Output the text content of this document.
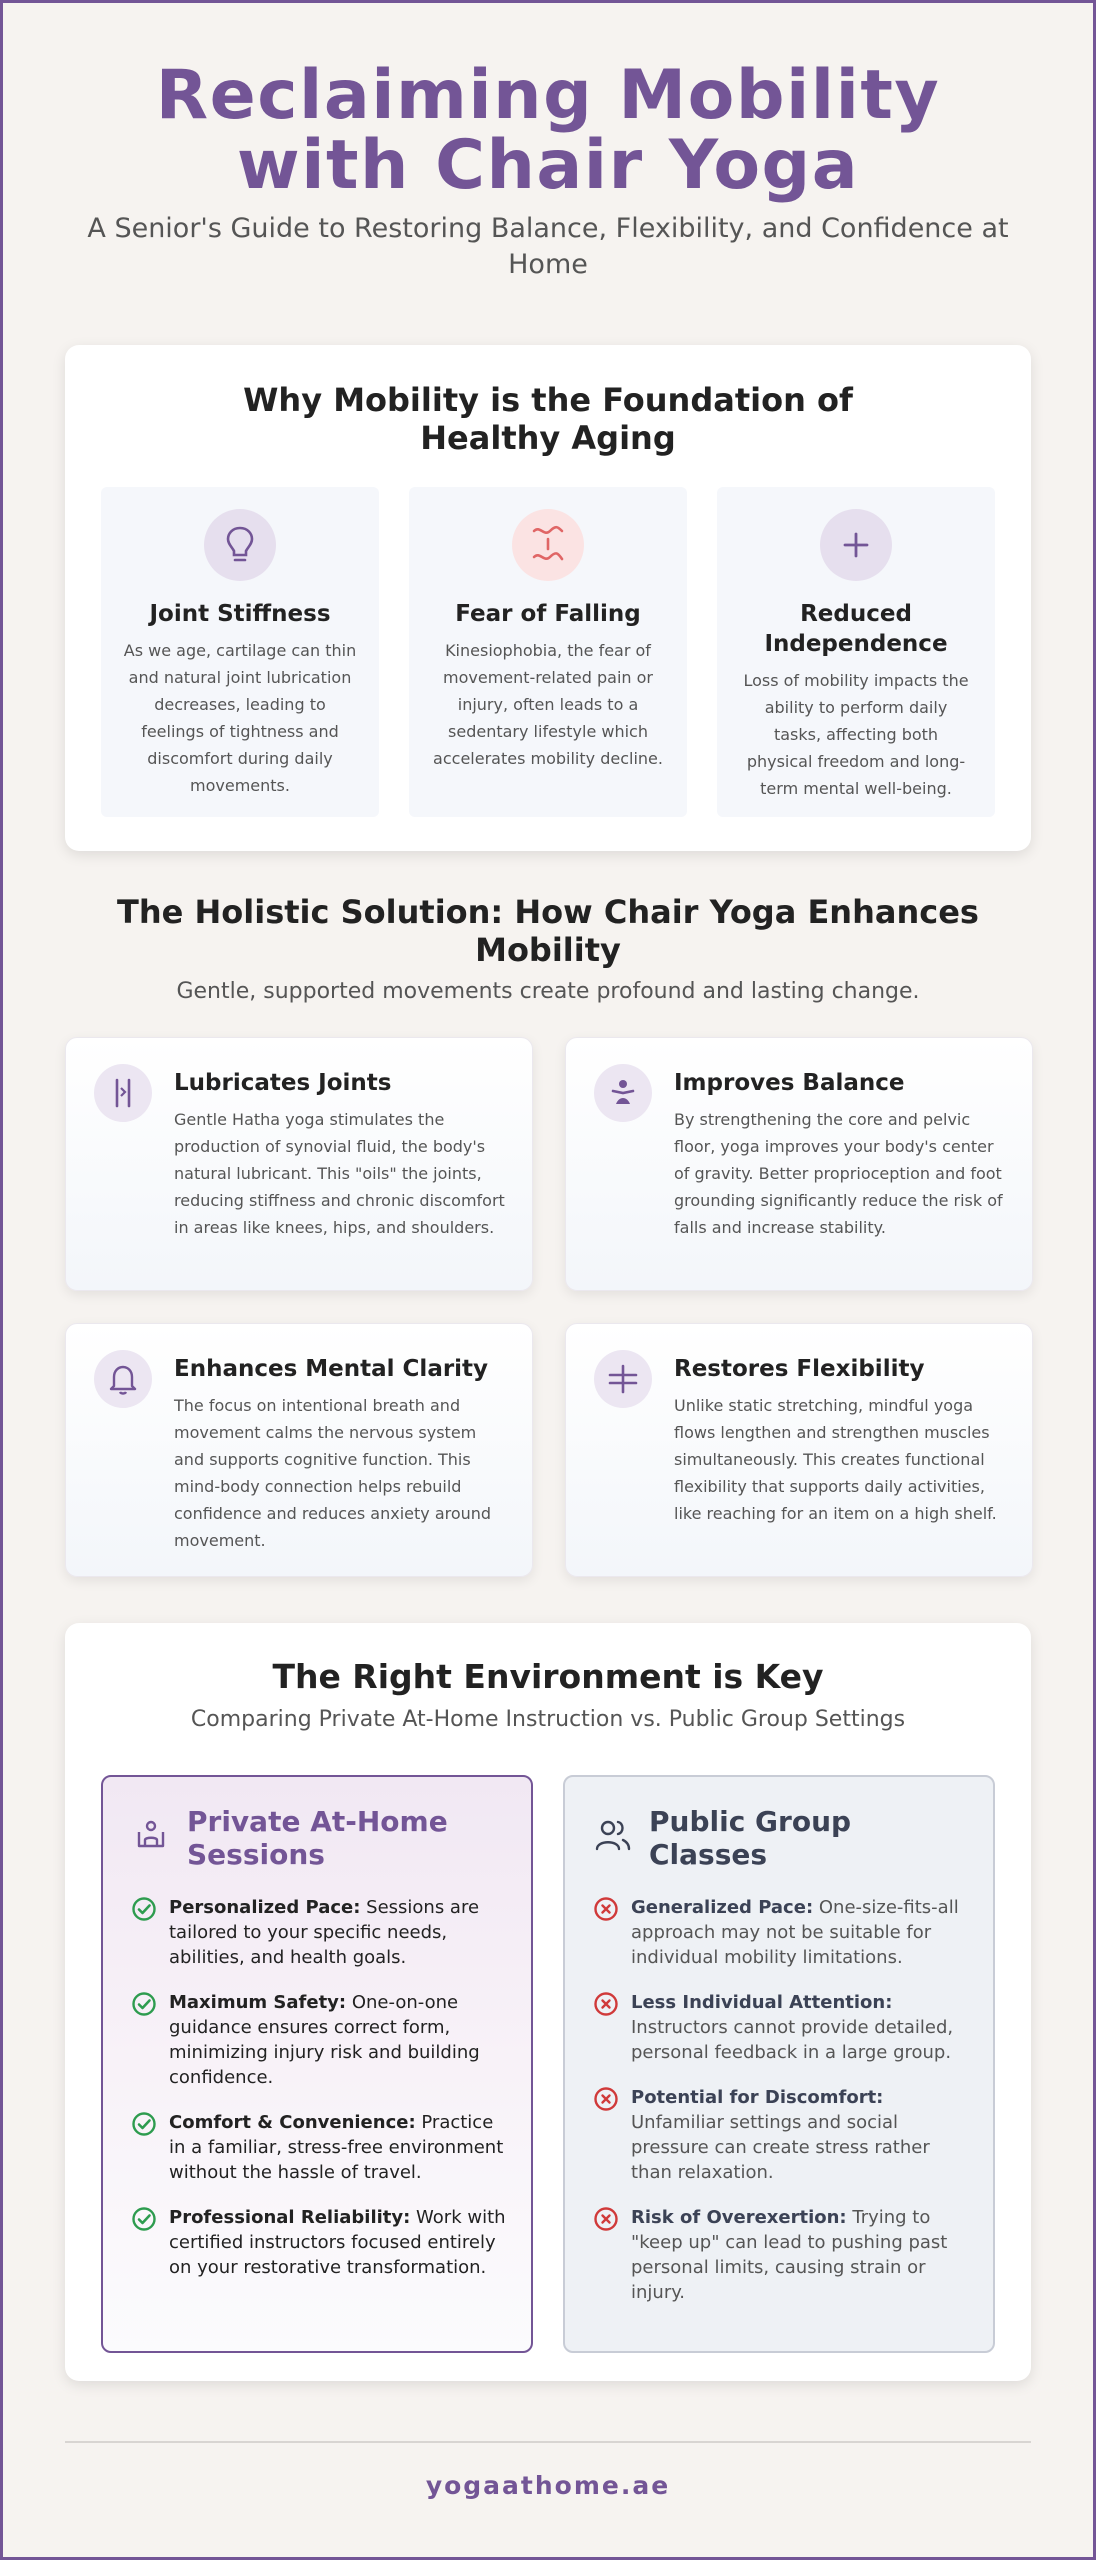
Reclaiming Mobility with Chair Yoga

A Senior's Guide to Restoring Balance, Flexibility, and Confidence at Home

Why Mobility is the Foundation of Healthy Aging
Joint Stiffness

As we age, cartilage can thin and natural joint lubrication decreases, leading to feelings of tightness and discomfort during daily movements.

Fear of Falling

Kinesiophobia, the fear of movement-related pain or injury, often leads to a sedentary lifestyle which accelerates mobility decline.

Reduced Independence

Loss of mobility impacts the ability to perform daily tasks, affecting both physical freedom and long-term mental well-being.

The Holistic Solution: How Chair Yoga Enhances Mobility

Gentle, supported movements create profound and lasting change.

Lubricates Joints

Gentle Hatha yoga stimulates the production of synovial fluid, the body's natural lubricant. This "oils" the joints, reducing stiffness and chronic discomfort in areas like knees, hips, and shoulders.

Improves Balance

By strengthening the core and pelvic floor, yoga improves your body's center of gravity. Better proprioception and foot grounding significantly reduce the risk of falls and increase stability.

Enhances Mental Clarity

The focus on intentional breath and movement calms the nervous system and supports cognitive function. This mind-body connection helps rebuild confidence and reduces anxiety around movement.

Restores Flexibility

Unlike static stretching, mindful yoga flows lengthen and strengthen muscles simultaneously. This creates functional flexibility that supports daily activities, like reaching for an item on a high shelf.

The Right Environment is Key

Comparing Private At-Home Instruction vs. Public Group Settings

Private At-Home Sessions
Personalized Pace: Sessions are tailored to your specific needs, abilities, and health goals.
Maximum Safety: One-on-one guidance ensures correct form, minimizing injury risk and building confidence.
Comfort & Convenience: Practice in a familiar, stress-free environment without the hassle of travel.
Professional Reliability: Work with certified instructors focused entirely on your restorative transformation.
Public Group Classes
Generalized Pace: One-size-fits-all approach may not be suitable for individual mobility limitations.
Less Individual Attention: Instructors cannot provide detailed, personal feedback in a large group.
Potential for Discomfort: Unfamiliar settings and social pressure can create stress rather than relaxation.
Risk of Overexertion: Trying to "keep up" can lead to pushing past personal limits, causing strain or injury.
yogaathome.ae
